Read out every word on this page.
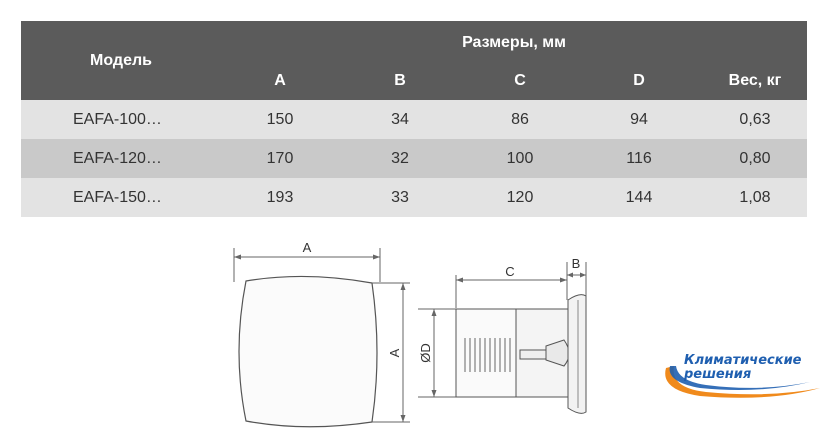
Модель
Размеры, мм
A	B	C	D	Вес, кг
EAFA-100…	150	34	86	94	0,63
EAFA-120…	170	32	100	116	0,80
EAFA-150…	193	33	120	144	1,08
A
A
C
B
ØD	Климатические
решения
